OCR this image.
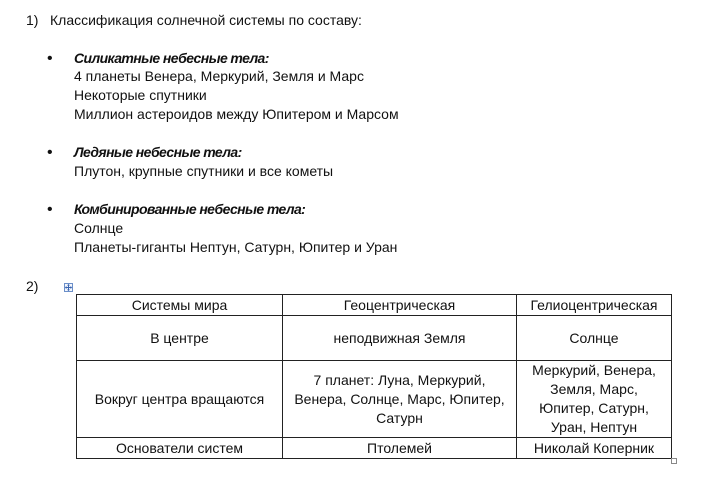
1) Классификация солнечной системы по составу:
• Силикатные небесные тела:
4 планеты Венера, Меркурий, Земля и Марс
Некоторые спутники
Миллион астероидов между Юпитером и Марсом
• Ледяные небесные тела:
Плутон, крупные спутники и все кометы
• Комбинированные небесные тела:
Солнце
Планеты-гиганты Нептун, Сатурн, Юпитер и Уран
2)
Системы мира	Геоцентрическая	Гелиоцентрическая
В центре	неподвижная Земля	Солнце
Вокруг центра вращаются	7 планет: Луна, Меркурий, Венера, Солнце, Марс, Юпитер, Сатурн	Меркурий, Венера, Земля, Марс, Юпитер, Сатурн, Уран, Нептун
Основатели систем	Птолемей	Николай Коперник
